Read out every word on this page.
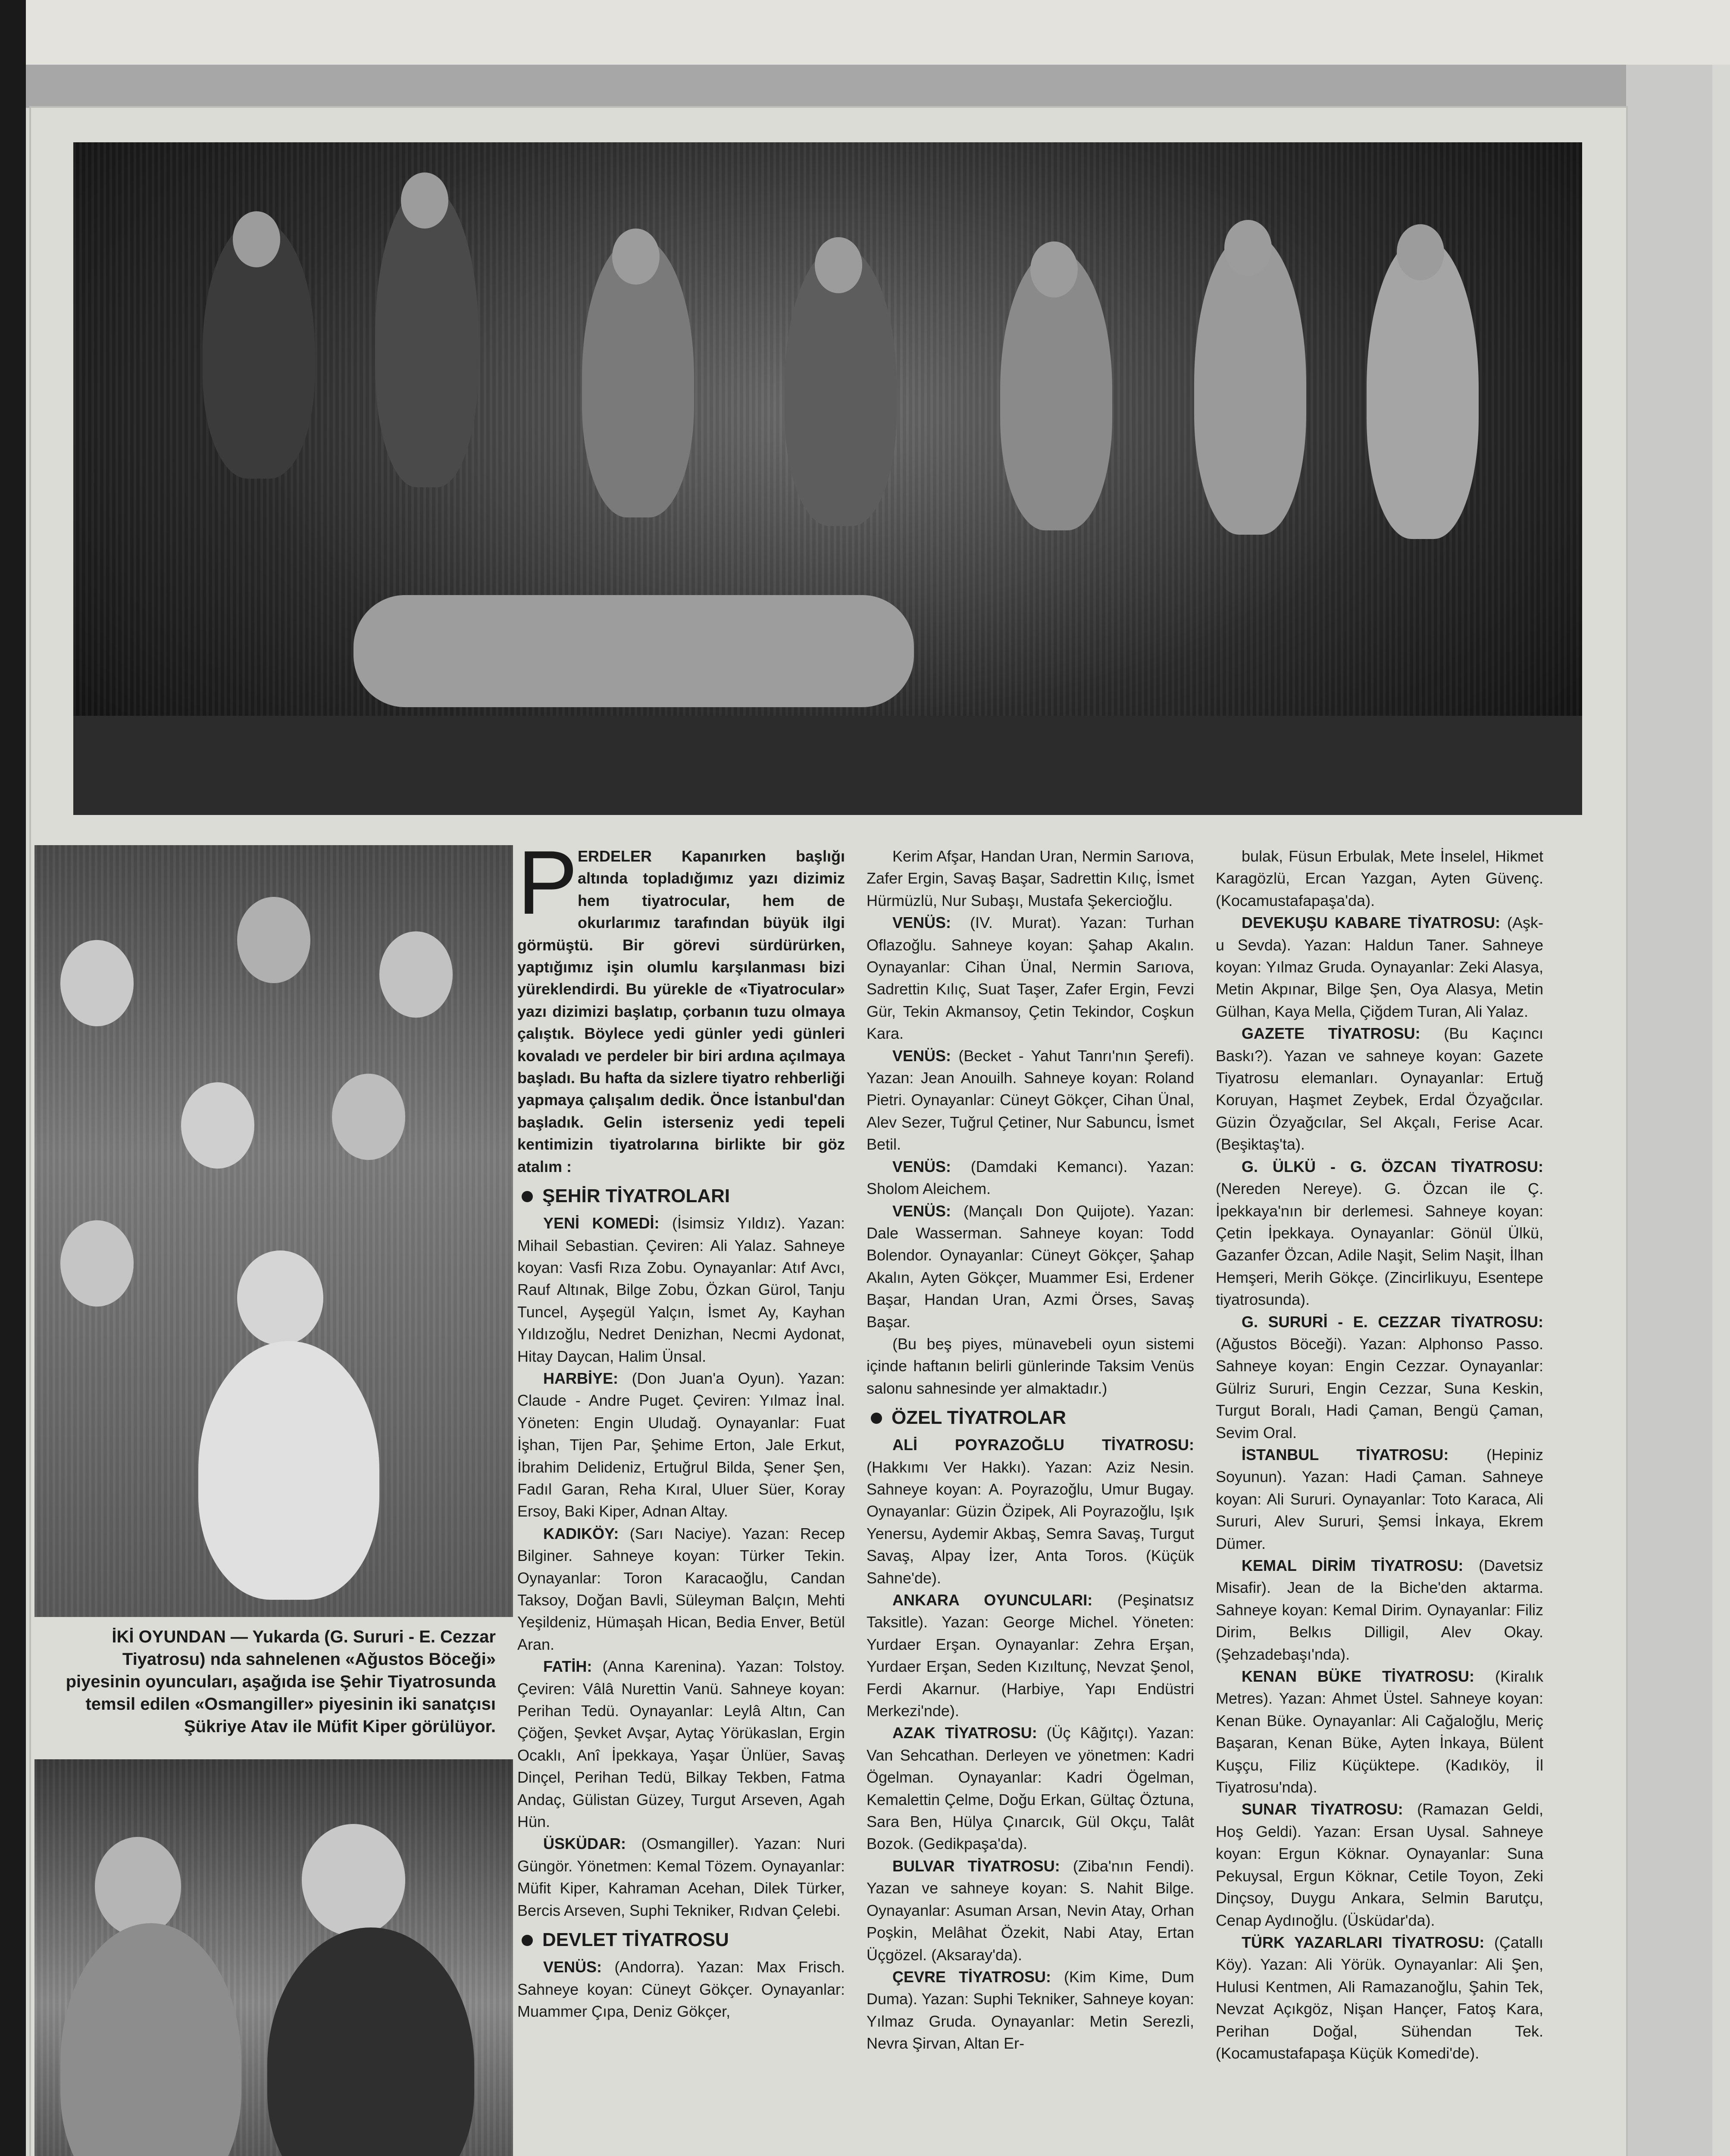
İKİ OYUNDAN — Yukarda (G. Sururi - E. Cezzar Tiyatrosu) nda sahnelenen «Ağustos Böceği» piyesinin oyuncuları, aşağıda ise Şehir Tiyatrosunda temsil edilen «Osmangiller» piyesinin iki sanatçısı Şükriye Atav ile Müfit Kiper görülüyor.

PERDELER Kapanırken başlığı altında topladığımız yazı dizimiz hem tiyatrocular, hem de okurlarımız tarafından büyük ilgi görmüştü. Bir görevi sürdürürken, yaptığımız işin olumlu karşılanması bizi yüreklendirdi. Bu yürekle de «Tiyatrocular» yazı dizimizi başlatıp, çorbanın tuzu olmaya çalıştık. Böylece yedi günler yedi günleri kovaladı ve perdeler bir biri ardına açılmaya başladı. Bu hafta da sizlere tiyatro rehberliği yapmaya çalışalım dedik. Önce İstanbul'dan başladık. Gelin isterseniz yedi tepeli kentimizin tiyatrolarına birlikte bir göz atalım :

ŞEHİR TİYATROLARI

YENİ KOMEDİ: (İsimsiz Yıldız). Yazan: Mihail Sebastian. Çeviren: Ali Yalaz. Sahneye koyan: Vasfi Rıza Zobu. Oynayanlar: Atıf Avcı, Rauf Altınak, Bilge Zobu, Özkan Gürol, Tanju Tuncel, Ayşegül Yalçın, İsmet Ay, Kayhan Yıldızoğlu, Nedret Denizhan, Necmi Aydonat, Hitay Daycan, Halim Ünsal.

HARBİYE: (Don Juan'a Oyun). Yazan: Claude - Andre Puget. Çeviren: Yılmaz İnal. Yöneten: Engin Uludağ. Oynayanlar: Fuat İşhan, Tijen Par, Şehime Erton, Jale Erkut, İbrahim Delideniz, Ertuğrul Bilda, Şener Şen, Fadıl Garan, Reha Kıral, Uluer Süer, Koray Ersoy, Baki Kiper, Adnan Altay.

KADIKÖY: (Sarı Naciye). Yazan: Recep Bilginer. Sahneye koyan: Türker Tekin. Oynayanlar: Toron Karacaoğlu, Candan Taksoy, Doğan Bavli, Süleyman Balçın, Mehti Yeşildeniz, Hümaşah Hican, Bedia Enver, Betül Aran.

FATİH: (Anna Karenina). Yazan: Tolstoy. Çeviren: Vâlâ Nurettin Vanü. Sahneye koyan: Perihan Tedü. Oynayanlar: Leylâ Altın, Can Çöğen, Şevket Avşar, Aytaç Yörükaslan, Ergin Ocaklı, Anî İpekkaya, Yaşar Ünlüer, Savaş Dinçel, Perihan Tedü, Bilkay Tekben, Fatma Andaç, Gülistan Güzey, Turgut Arseven, Agah Hün.

ÜSKÜDAR: (Osmangiller). Yazan: Nuri Güngör. Yönetmen: Kemal Tözem. Oynayanlar: Müfit Kiper, Kahraman Acehan, Dilek Türker, Bercis Arseven, Suphi Tekniker, Rıdvan Çelebi.

DEVLET TİYATROSU

VENÜS: (Andorra). Yazan: Max Frisch. Sahneye koyan: Cüneyt Gökçer. Oynayanlar: Muammer Çıpa, Deniz Gökçer,

Kerim Afşar, Handan Uran, Nermin Sarıova, Zafer Ergin, Savaş Başar, Sadrettin Kılıç, İsmet Hürmüzlü, Nur Subaşı, Mustafa Şekercioğlu.

VENÜS: (IV. Murat). Yazan: Turhan Oflazoğlu. Sahneye koyan: Şahap Akalın. Oynayanlar: Cihan Ünal, Nermin Sarıova, Sadrettin Kılıç, Suat Taşer, Zafer Ergin, Fevzi Gür, Tekin Akmansoy, Çetin Tekindor, Coşkun Kara.

VENÜS: (Becket - Yahut Tanrı'nın Şerefi). Yazan: Jean Anouilh. Sahneye koyan: Roland Pietri. Oynayanlar: Cüneyt Gökçer, Cihan Ünal, Alev Sezer, Tuğrul Çetiner, Nur Sabuncu, İsmet Betil.

VENÜS: (Damdaki Kemancı). Yazan: Sholom Aleichem.

VENÜS: (Mançalı Don Quijote). Yazan: Dale Wasserman. Sahneye koyan: Todd Bolendor. Oynayanlar: Cüneyt Gökçer, Şahap Akalın, Ayten Gökçer, Muammer Esi, Erdener Başar, Handan Uran, Azmi Örses, Savaş Başar.

(Bu beş piyes, münavebeli oyun sistemi içinde haftanın belirli günlerinde Taksim Venüs salonu sahnesinde yer almaktadır.)

ÖZEL TİYATROLAR

ALİ POYRAZOĞLU TİYATROSU: (Hakkımı Ver Hakkı). Yazan: Aziz Nesin. Sahneye koyan: A. Poyrazoğlu, Umur Bugay. Oynayanlar: Güzin Özipek, Ali Poyrazoğlu, Işık Yenersu, Aydemir Akbaş, Semra Savaş, Turgut Savaş, Alpay İzer, Anta Toros. (Küçük Sahne'de).

ANKARA OYUNCULARI: (Peşinatsız Taksitle). Yazan: George Michel. Yöneten: Yurdaer Erşan. Oynayanlar: Zehra Erşan, Yurdaer Erşan, Seden Kızıltunç, Nevzat Şenol, Ferdi Akarnur. (Harbiye, Yapı Endüstri Merkezi'nde).

AZAK TİYATROSU: (Üç Kâğıtçı). Yazan: Van Sehcathan. Derleyen ve yönetmen: Kadri Ögelman. Oynayanlar: Kadri Ögelman, Kemalettin Çelme, Doğu Erkan, Gültaç Öztuna, Sara Ben, Hülya Çınarcık, Gül Okçu, Talât Bozok. (Gedikpaşa'da).

BULVAR TİYATROSU: (Ziba'nın Fendi). Yazan ve sahneye koyan: S. Nahit Bilge. Oynayanlar: Asuman Arsan, Nevin Atay, Orhan Poşkin, Melâhat Özekit, Nabi Atay, Ertan Üçgözel. (Aksaray'da).

ÇEVRE TİYATROSU: (Kim Kime, Dum Duma). Yazan: Suphi Tekniker, Sahneye koyan: Yılmaz Gruda. Oynayanlar: Metin Serezli, Nevra Şirvan, Altan Er-

bulak, Füsun Erbulak, Mete İnselel, Hikmet Karagözlü, Ercan Yazgan, Ayten Güvenç. (Kocamustafapaşa'da).

DEVEKUŞU KABARE TİYATROSU: (Aşk-u Sevda). Yazan: Haldun Taner. Sahneye koyan: Yılmaz Gruda. Oynayanlar: Zeki Alasya, Metin Akpınar, Bilge Şen, Oya Alasya, Metin Gülhan, Kaya Mella, Çiğdem Turan, Ali Yalaz.

GAZETE TİYATROSU: (Bu Kaçıncı Baskı?). Yazan ve sahneye koyan: Gazete Tiyatrosu elemanları. Oynayanlar: Ertuğ Koruyan, Haşmet Zeybek, Erdal Özyağcılar. Güzin Özyağcılar, Sel Akçalı, Ferise Acar. (Beşiktaş'ta).

G. ÜLKÜ - G. ÖZCAN TİYATROSU: (Nereden Nereye). G. Özcan ile Ç. İpekkaya'nın bir derlemesi. Sahneye koyan: Çetin İpekkaya. Oynayanlar: Gönül Ülkü, Gazanfer Özcan, Adile Naşit, Selim Naşit, İlhan Hemşeri, Merih Gökçe. (Zincirlikuyu, Esentepe tiyatrosunda).

G. SURURİ - E. CEZZAR TİYATROSU: (Ağustos Böceği). Yazan: Alphonso Passo. Sahneye koyan: Engin Cezzar. Oynayanlar: Gülriz Sururi, Engin Cezzar, Suna Keskin, Turgut Boralı, Hadi Çaman, Bengü Çaman, Sevim Oral.

İSTANBUL TİYATROSU: (Hepiniz Soyunun). Yazan: Hadi Çaman. Sahneye koyan: Ali Sururi. Oynayanlar: Toto Karaca, Ali Sururi, Alev Sururi, Şemsi İnkaya, Ekrem Dümer.

KEMAL DİRİM TİYATROSU: (Davetsiz Misafir). Jean de la Biche'den aktarma. Sahneye koyan: Kemal Dirim. Oynayanlar: Filiz Dirim, Belkıs Dilligil, Alev Okay. (Şehzadebaşı'nda).

KENAN BÜKE TİYATROSU: (Kiralık Metres). Yazan: Ahmet Üstel. Sahneye koyan: Kenan Büke. Oynayanlar: Ali Cağaloğlu, Meriç Başaran, Kenan Büke, Ayten İnkaya, Bülent Kuşçu, Filiz Küçüktepe. (Kadıköy, İl Tiyatrosu'nda).

SUNAR TİYATROSU: (Ramazan Geldi, Hoş Geldi). Yazan: Ersan Uysal. Sahneye koyan: Ergun Köknar. Oynayanlar: Suna Pekuysal, Ergun Köknar, Cetile Toyon, Zeki Dinçsoy, Duygu Ankara, Selmin Barutçu, Cenap Aydınoğlu. (Üsküdar'da).

TÜRK YAZARLARI TİYATROSU: (Çatallı Köy). Yazan: Ali Yörük. Oynayanlar: Ali Şen, Hulusi Kentmen, Ali Ramazanoğlu, Şahin Tek, Nevzat Açıkgöz, Nişan Hançer, Fatoş Kara, Perihan Doğal, Sühendan Tek. (Kocamustafapaşa Küçük Komedi'de).
